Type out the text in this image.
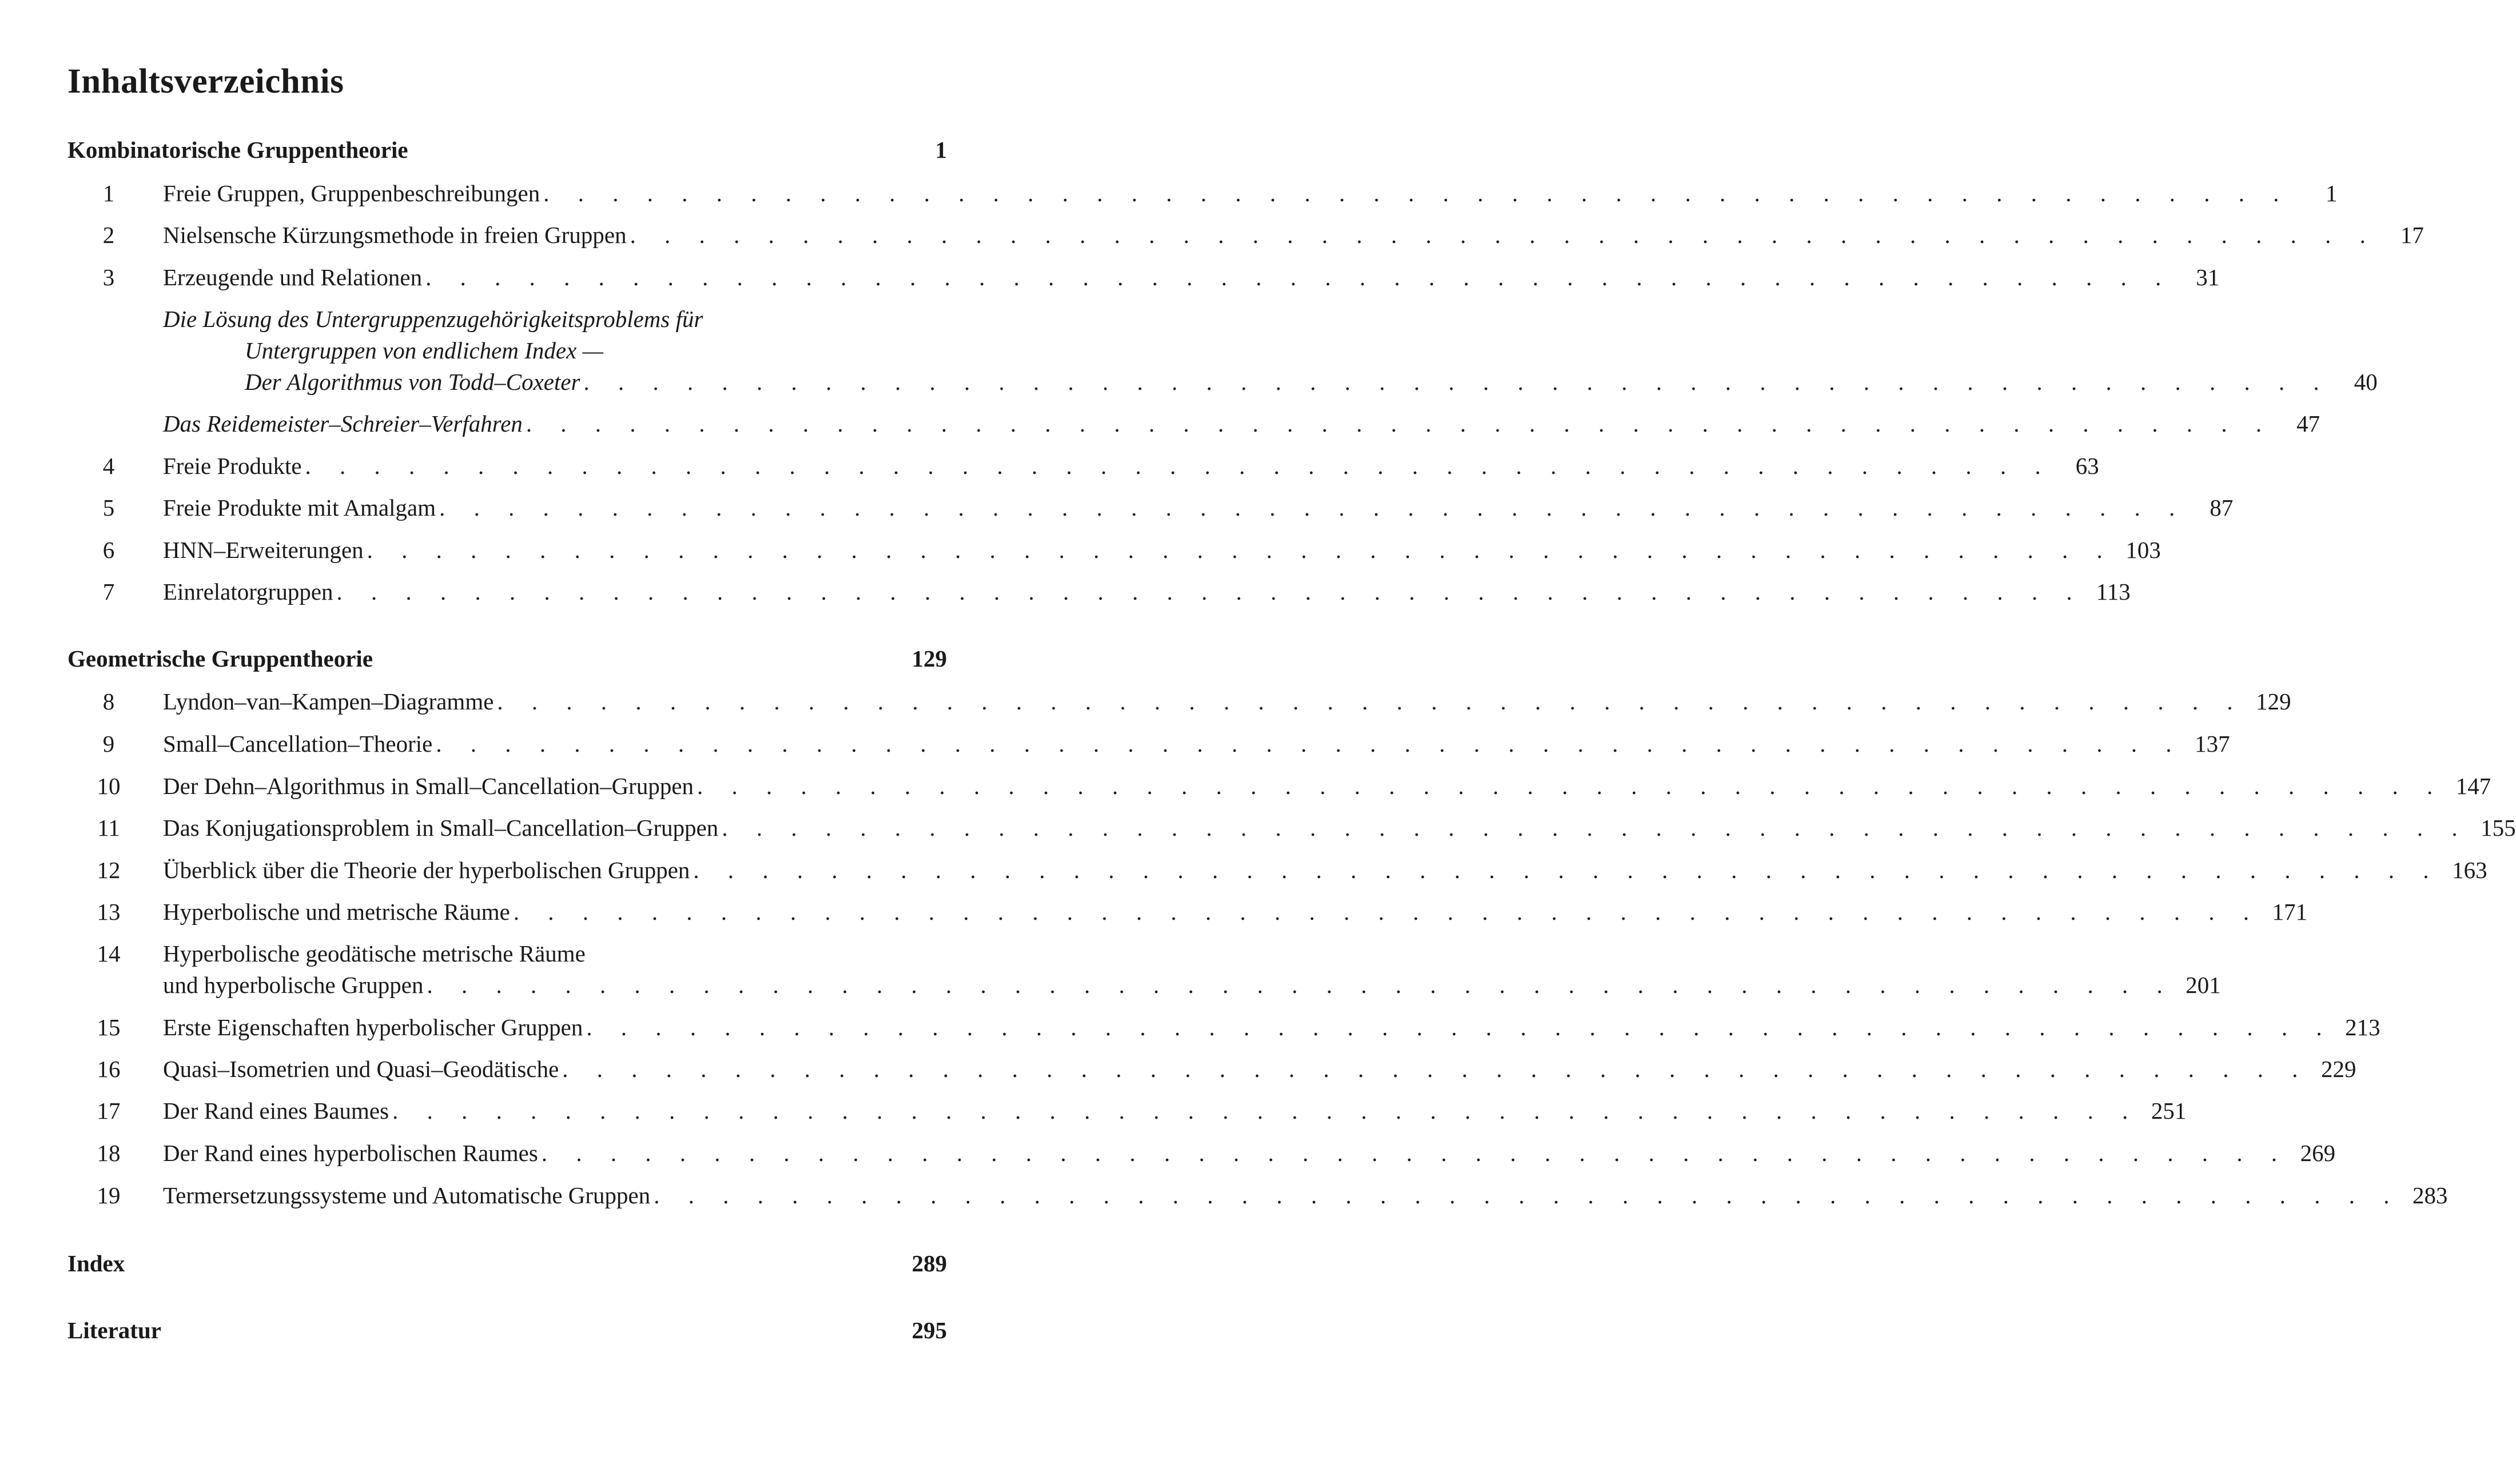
Inhaltsverzeichnis
Kombinatorische Gruppentheorie	1
1	Freie Gruppen, Gruppenbeschreibungen . . . . . . . . . . . . . . . . . . . . . . . . . . . . . . . . . . . . . . . . . . . . . . . . . . .	1
2	Nielsensche Kürzungsmethode in freien Gruppen . . . . . . . . . . . . . . . . . . . . . . . . . . . . . . . . . . . . . . . . . . . . . . . . . . .	17
3	Erzeugende und Relationen . . . . . . . . . . . . . . . . . . . . . . . . . . . . . . . . . . . . . . . . . . . . . . . . . . .	31
Die Lösung des Untergruppenzugehörigkeitsproblems für
Untergruppen von endlichem Index —
Der Algorithmus von Todd–Coxeter . . . . . . . . . . . . . . . . . . . . . . . . . . . . . . . . . . . . . . . . . . . . . . . . . . .	40
Das Reidemeister–Schreier–Verfahren . . . . . . . . . . . . . . . . . . . . . . . . . . . . . . . . . . . . . . . . . . . . . . . . . . .	47
4	Freie Produkte . . . . . . . . . . . . . . . . . . . . . . . . . . . . . . . . . . . . . . . . . . . . . . . . . . .	63
5	Freie Produkte mit Amalgam . . . . . . . . . . . . . . . . . . . . . . . . . . . . . . . . . . . . . . . . . . . . . . . . . . .	87
6	HNN–Erweiterungen . . . . . . . . . . . . . . . . . . . . . . . . . . . . . . . . . . . . . . . . . . . . . . . . . . . 103
7	Einrelatorgruppen . . . . . . . . . . . . . . . . . . . . . . . . . . . . . . . . . . . . . . . . . . . . . . . . . . . 113
Geometrische Gruppentheorie	129
8	Lyndon–van–Kampen–Diagramme . . . . . . . . . . . . . . . . . . . . . . . . . . . . . . . . . . . . . . . . . . . . . . . . . . . 129
9	Small–Cancellation–Theorie . . . . . . . . . . . . . . . . . . . . . . . . . . . . . . . . . . . . . . . . . . . . . . . . . . . 137
10	Der Dehn–Algorithmus in Small–Cancellation–Gruppen . . . . . . . . . . . . . . . . . . . . . . . . . . . . . . . . . . . . . . . . . . . . . . . . . . . 147
11	Das Konjugationsproblem in Small–Cancellation–Gruppen . . . . . . . . . . . . . . . . . . . . . . . . . . . . . . . . . . . . . . . . . . . . . . . . . . . 155
12	Überblick über die Theorie der hyperbolischen Gruppen . . . . . . . . . . . . . . . . . . . . . . . . . . . . . . . . . . . . . . . . . . . . . . . . . . . 163
13	Hyperbolische und metrische Räume . . . . . . . . . . . . . . . . . . . . . . . . . . . . . . . . . . . . . . . . . . . . . . . . . . . 171
14	Hyperbolische geodätische metrische Räume
und hyperbolische Gruppen . . . . . . . . . . . . . . . . . . . . . . . . . . . . . . . . . . . . . . . . . . . . . . . . . . . 201
15	Erste Eigenschaften hyperbolischer Gruppen . . . . . . . . . . . . . . . . . . . . . . . . . . . . . . . . . . . . . . . . . . . . . . . . . . . 213
16	Quasi–Isometrien und Quasi–Geodätische . . . . . . . . . . . . . . . . . . . . . . . . . . . . . . . . . . . . . . . . . . . . . . . . . . . 229
17	Der Rand eines Baumes . . . . . . . . . . . . . . . . . . . . . . . . . . . . . . . . . . . . . . . . . . . . . . . . . . . 251
18	Der Rand eines hyperbolischen Raumes . . . . . . . . . . . . . . . . . . . . . . . . . . . . . . . . . . . . . . . . . . . . . . . . . . . 269
19	Termersetzungssysteme und Automatische Gruppen . . . . . . . . . . . . . . . . . . . . . . . . . . . . . . . . . . . . . . . . . . . . . . . . . . . 283
Index	289
Literatur	295
